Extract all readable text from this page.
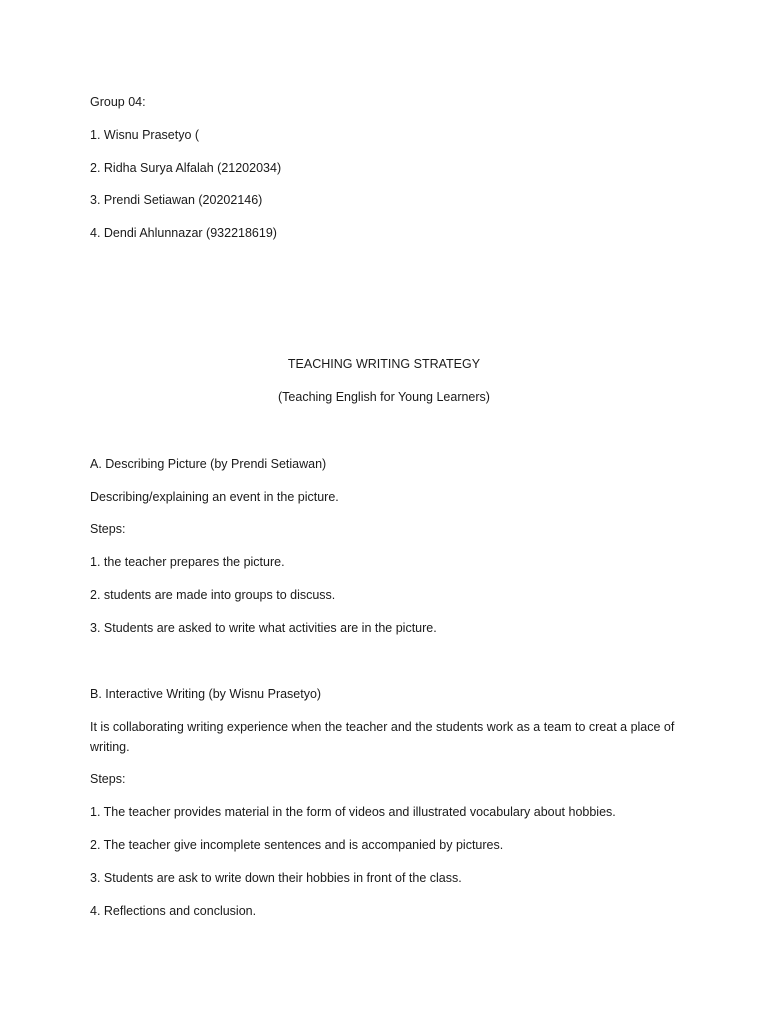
Group 04:
1. Wisnu Prasetyo (
2. Ridha Surya Alfalah (21202034)
3. Prendi Setiawan (20202146)
4. Dendi Ahlunnazar (932218619)
TEACHING WRITING STRATEGY
(Teaching English for Young Learners)
A. Describing Picture (by Prendi Setiawan)
Describing/explaining an event in the picture.
Steps:
1. the teacher prepares the picture.
2. students are made into groups to discuss.
3. Students are asked to write what activities are in the picture.
B. Interactive Writing (by Wisnu Prasetyo)
It is collaborating writing experience when the teacher and the students work as a team to creat a place of writing.
Steps:
1. The teacher provides material in the form of videos and illustrated vocabulary about hobbies.
2. The teacher give incomplete sentences and is accompanied by pictures.
3. Students are ask to write down their hobbies in front of the class.
4. Reflections and conclusion.
